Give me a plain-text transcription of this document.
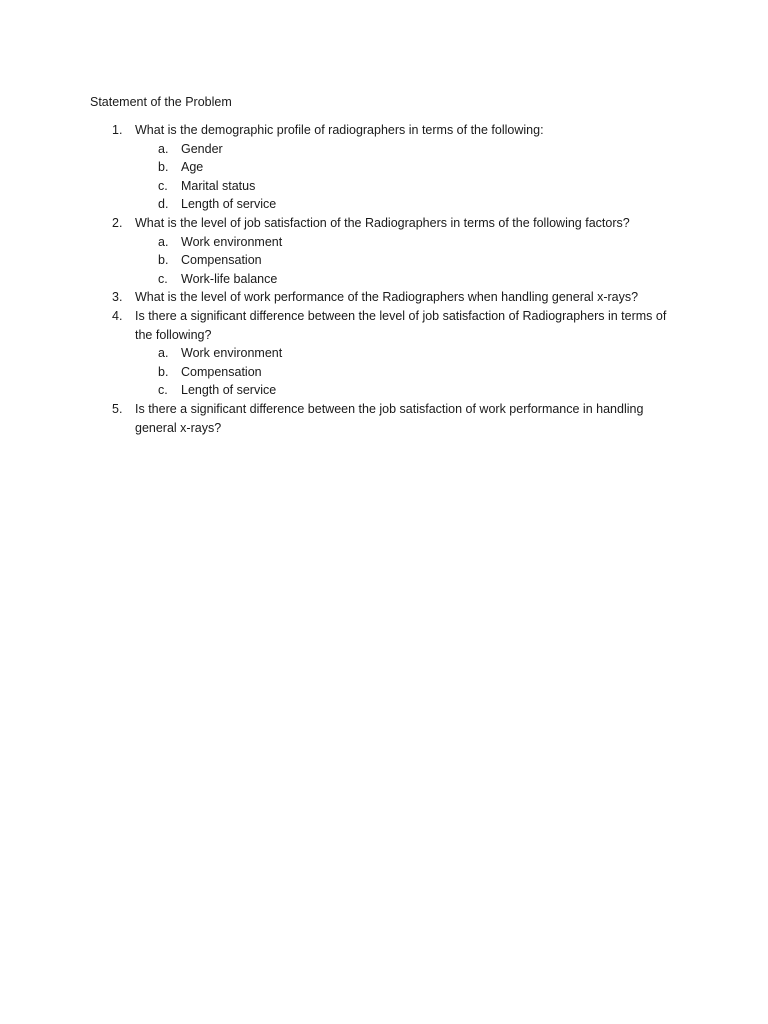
Statement of the Problem
1. What is the demographic profile of radiographers in terms of the following:
a. Gender
b. Age
c. Marital status
d. Length of service
2. What is the level of job satisfaction of the Radiographers in terms of the following factors?
a. Work environment
b. Compensation
c. Work-life balance
3. What is the level of work performance of the Radiographers when handling general x-rays?
4. Is there a significant difference between the level of job satisfaction of Radiographers in terms of the following?
a. Work environment
b. Compensation
c. Length of service
5. Is there a significant difference between the job satisfaction of work performance in handling general x-rays?
